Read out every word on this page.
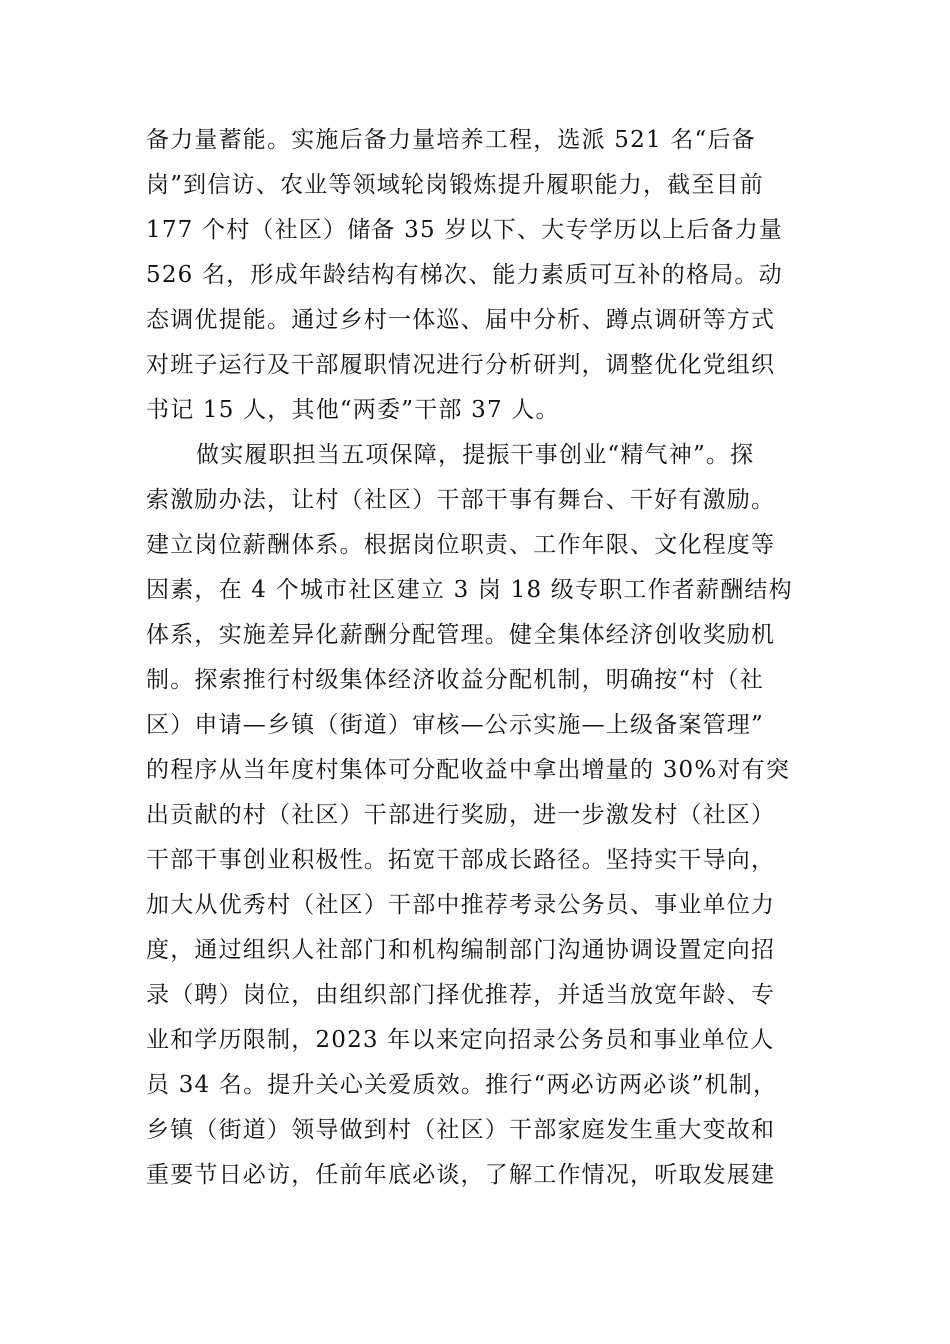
备力量蓄能。实施后备力量培养工程，选派 521 名“后备
岗”到信访、农业等领域轮岗锻炼提升履职能力，截至目前
177 个村（社区）储备 35 岁以下、大专学历以上后备力量
526 名，形成年龄结构有梯次、能力素质可互补的格局。动
态调优提能。通过乡村一体巡、届中分析、蹲点调研等方式
对班子运行及干部履职情况进行分析研判，调整优化党组织
书记 15 人，其他“两委”干部 37 人。
做实履职担当五项保障，提振干事创业“精气神”。探
索激励办法，让村（社区）干部干事有舞台、干好有激励。
建立岗位薪酬体系。根据岗位职责、工作年限、文化程度等
因素，在 4 个城市社区建立 3 岗 18 级专职工作者薪酬结构
体系，实施差异化薪酬分配管理。健全集体经济创收奖励机
制。探索推行村级集体经济收益分配机制，明确按“村（社
区）申请—乡镇（街道）审核—公示实施—上级备案管理”
的程序从当年度村集体可分配收益中拿出增量的 30%对有突
出贡献的村（社区）干部进行奖励，进一步激发村（社区）
干部干事创业积极性。拓宽干部成长路径。坚持实干导向，
加大从优秀村（社区）干部中推荐考录公务员、事业单位力
度，通过组织人社部门和机构编制部门沟通协调设置定向招
录（聘）岗位，由组织部门择优推荐，并适当放宽年龄、专
业和学历限制，2023 年以来定向招录公务员和事业单位人
员 34 名。提升关心关爱质效。推行“两必访两必谈”机制，
乡镇（街道）领导做到村（社区）干部家庭发生重大变故和
重要节日必访，任前年底必谈，了解工作情况，听取发展建
